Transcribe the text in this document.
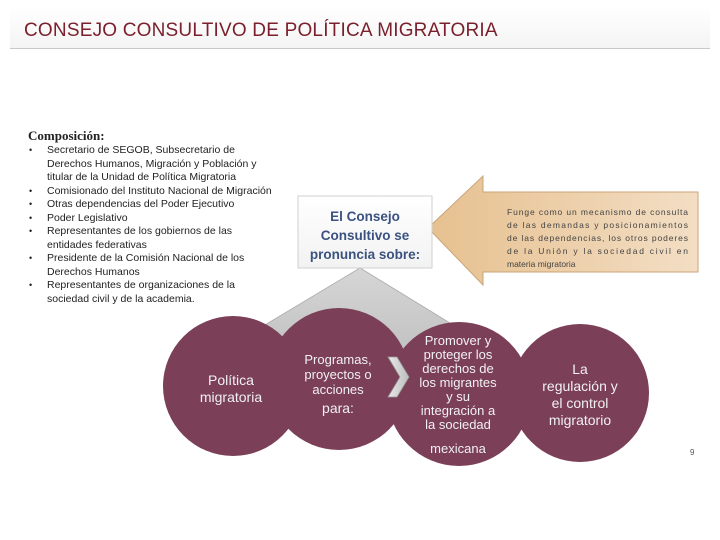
CONSEJO CONSULTIVO DE POLÍTICA MIGRATORIA
Composición:
• Secretario de SEGOB, Subsecretario de Derechos Humanos, Migración y Población y titular de la Unidad de Política Migratoria
• Comisionado del Instituto Nacional de Migración
• Otras dependencias del Poder Ejecutivo
• Poder Legislativo
• Representantes de los gobiernos de las entidades federativas
• Presidente de la Comisión Nacional de los Derechos Humanos
• Representantes de organizaciones de la sociedad civil y de la academia.
El Consejo
Consultivo se
pronuncia sobre:
Funge como un mecanismo de consulta
de las demandas y posicionamientos
de las dependencias, los otros poderes
de la Unión y la sociedad civil en
materia migratoria
Política
migratoria
Programas,
proyectos o
acciones
para:
Promover y
proteger los
derechos de
los migrantes
y su
integración a
la sociedad
mexicana
La
regulación y
el control
migratorio
9
